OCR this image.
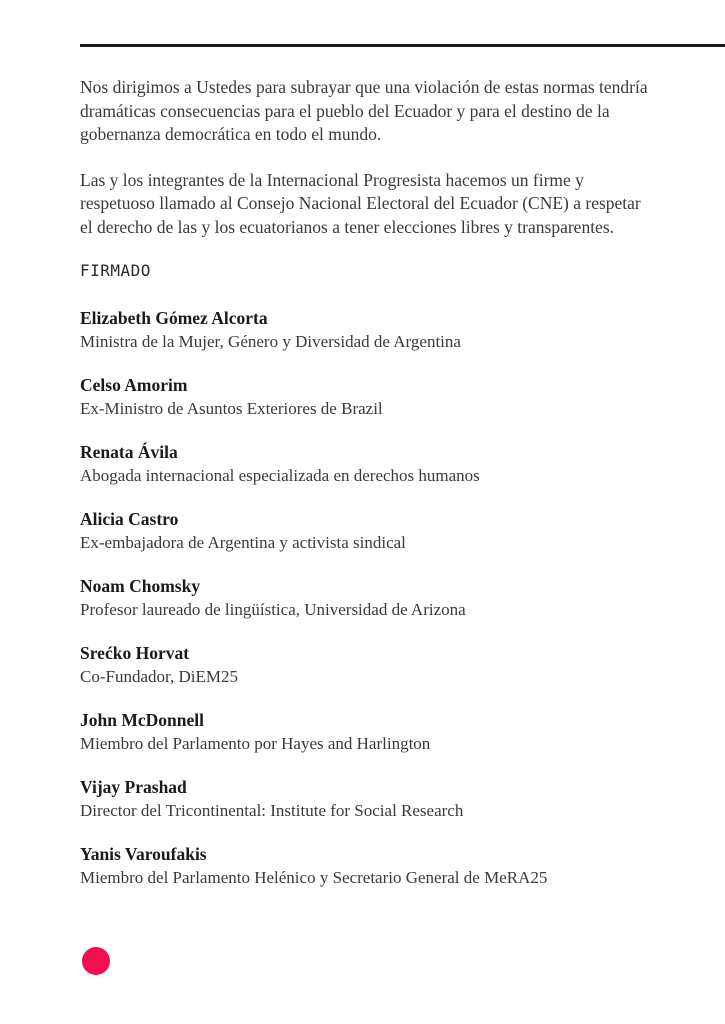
Nos dirigimos a Ustedes para subrayar que una violación de estas normas tendría dramáticas consecuencias para el pueblo del Ecuador y para el destino de la gobernanza democrática en todo el mundo.

Las y los integrantes de la Internacional Progresista hacemos un firme y respetuoso llamado al Consejo Nacional Electoral del Ecuador (CNE) a respetar el derecho de las y los ecuatorianos a tener elecciones libres y transparentes.

FIRMADO
Elizabeth Gómez Alcorta
Ministra de la Mujer, Género y Diversidad de Argentina
Celso Amorim
Ex-Ministro de Asuntos Exteriores de Brazil
Renata Ávila
Abogada internacional especializada en derechos humanos
Alicia Castro
Ex-embajadora de Argentina y activista sindical
Noam Chomsky
Profesor laureado de lingüística, Universidad de Arizona
Srećko Horvat
Co-Fundador, DiEM25
John McDonnell
Miembro del Parlamento por Hayes and Harlington
Vijay Prashad
Director del Tricontinental: Institute for Social Research
Yanis Varoufakis
Miembro del Parlamento Helénico y Secretario General de MeRA25
